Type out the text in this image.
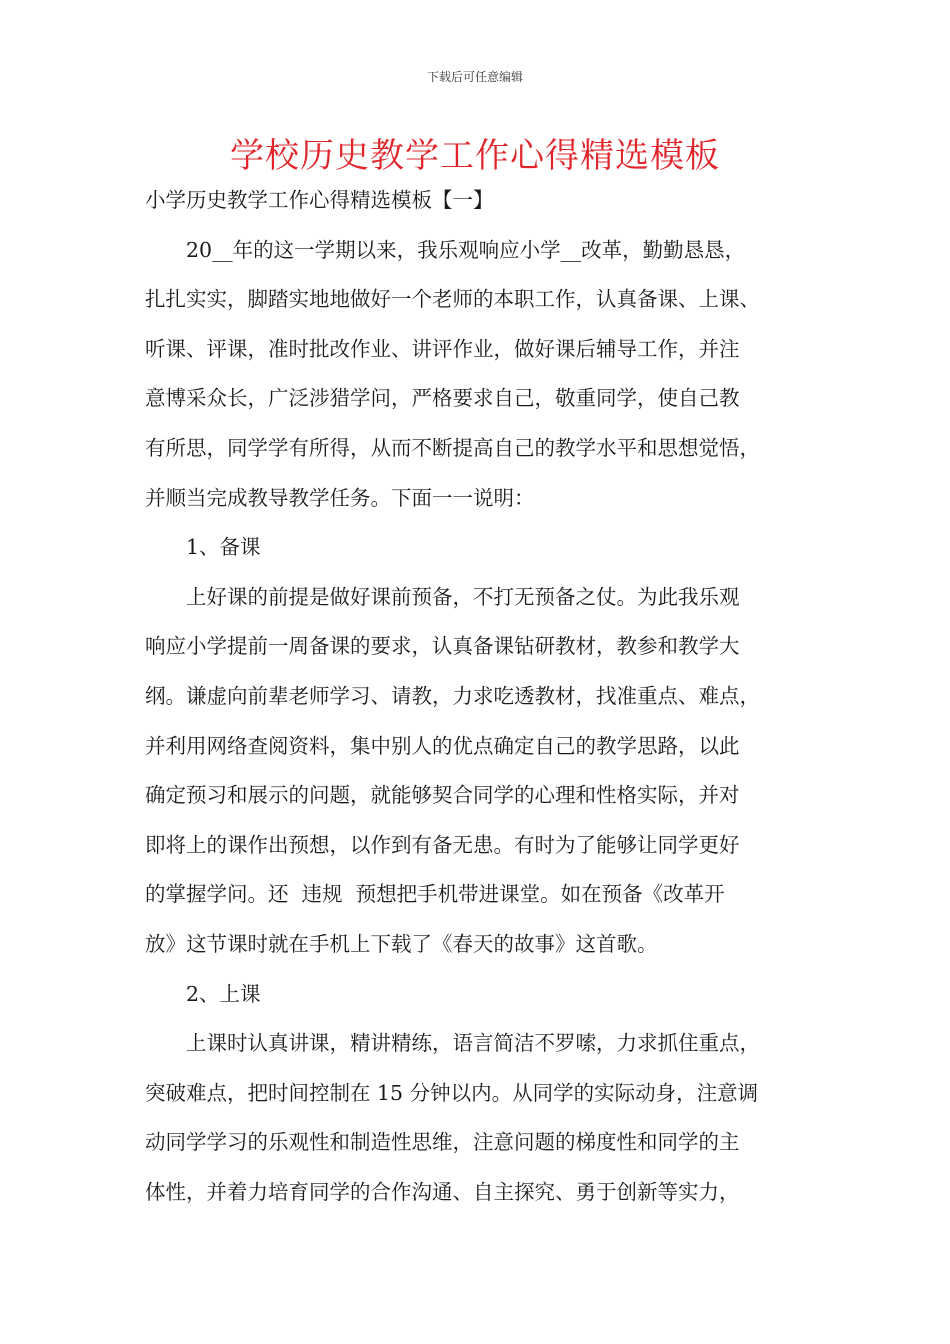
下载后可任意编辑
学校历史教学工作心得精选模板

小学历史教学工作心得精选模板【一】

20__年的这一学期以来，我乐观响应小学__改革，勤勤恳恳，
扎扎实实，脚踏实地地做好一个老师的本职工作，认真备课、上课、
听课、评课，准时批改作业、讲评作业，做好课后辅导工作，并注
意博采众长，广泛涉猎学问，严格要求自己，敬重同学，使自己教
有所思，同学学有所得，从而不断提高自己的教学水平和思想觉悟，
并顺当完成教导教学任务。下面一一说明：

1、备课

上好课的前提是做好课前预备，不打无预备之仗。为此我乐观
响应小学提前一周备课的要求，认真备课钻研教材，教参和教学大
纲。谦虚向前辈老师学习、请教，力求吃透教材，找准重点、难点，
并利用网络查阅资料，集中别人的优点确定自己的教学思路，以此
确定预习和展示的问题，就能够契合同学的心理和性格实际，并对
即将上的课作出预想，以作到有备无患。有时为了能够让同学更好
的掌握学问。还  违规  预想把手机带进课堂。如在预备《改革开
放》这节课时就在手机上下载了《春天的故事》这首歌。

2、上课

上课时认真讲课，精讲精练，语言简洁不罗嗦，力求抓住重点，
突破难点，把时间控制在 15 分钟以内。从同学的实际动身，注意调
动同学学习的乐观性和制造性思维，注意问题的梯度性和同学的主
体性，并着力培育同学的合作沟通、自主探究、勇于创新等实力，
